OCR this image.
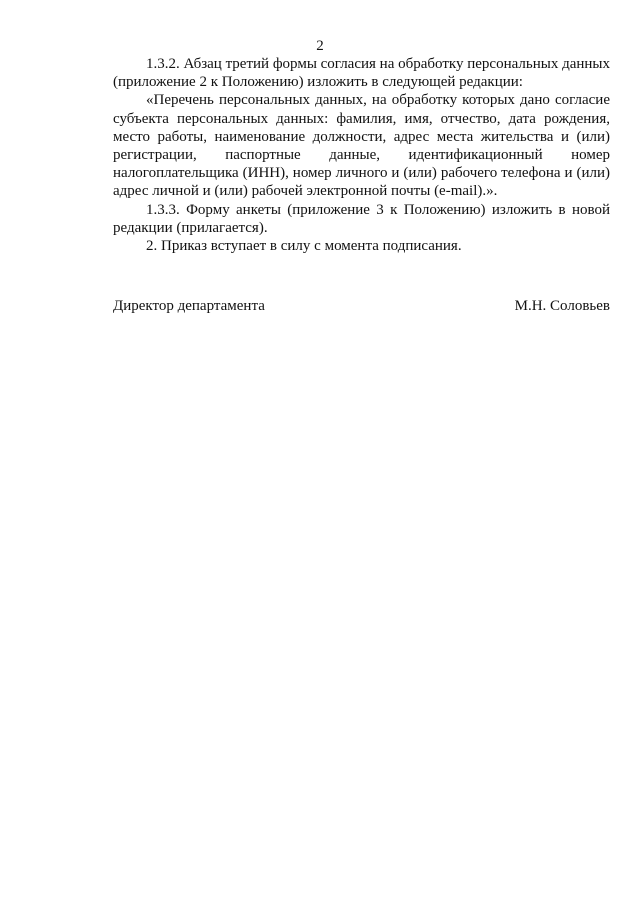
2

1.3.2. Абзац третий формы согласия на обработку персональных данных (приложение 2 к Положению) изложить в следующей редакции:

«Перечень персональных данных, на обработку которых дано согласие субъекта персональных данных: фамилия, имя, отчество, дата рождения, место работы, наименование должности, адрес места жительства и (или) регистрации, паспортные данные, идентификационный номер налогоплательщика (ИНН), номер личного и (или) рабочего телефона и (или) адрес личной и (или) рабочей электронной почты (e-mail).».

1.3.3. Форму анкеты (приложение 3 к Положению) изложить в новой редакции (прилагается).

2. Приказ вступает в силу с момента подписания.

Директор департамента	М.Н. Соловьев
